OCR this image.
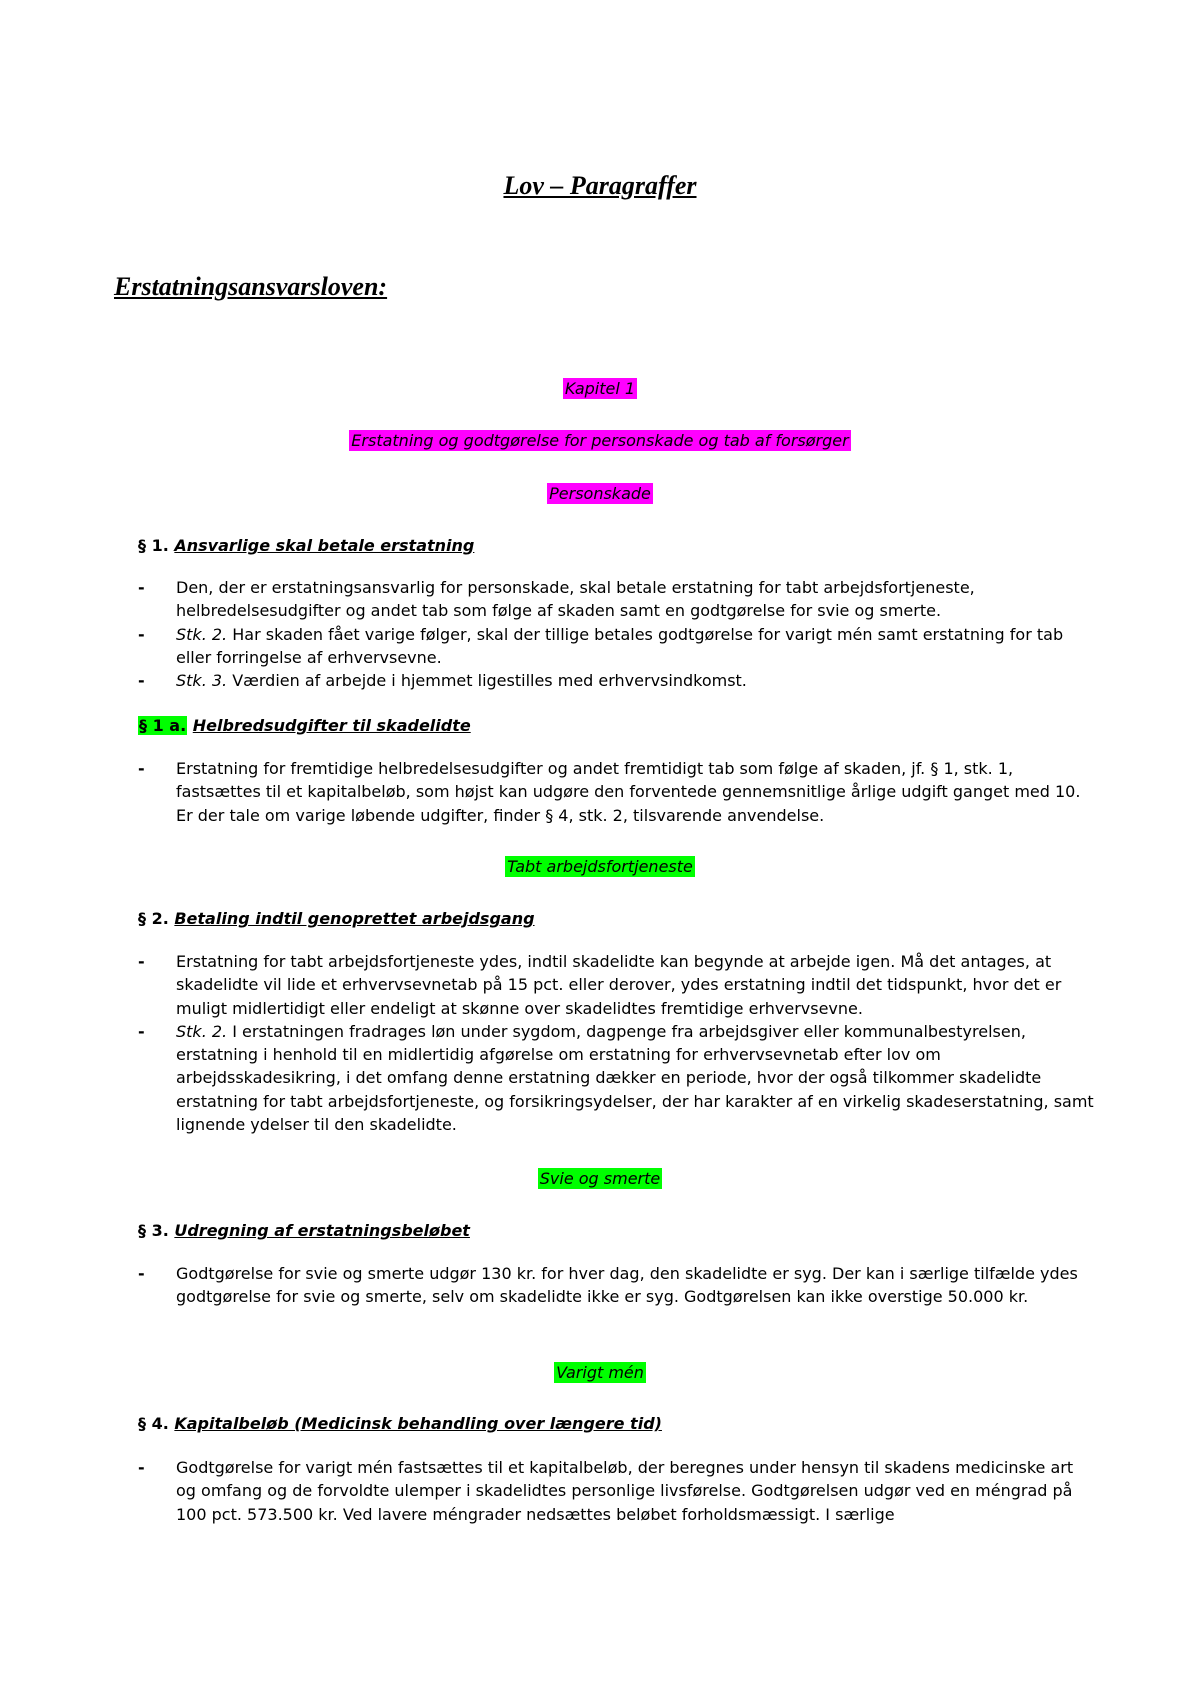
Lov – Paragraffer
Erstatningsansvarsloven:
Kapitel 1
Erstatning og godtgørelse for personskade og tab af forsørger
Personskade
§ 1. Ansvarlige skal betale erstatning
- Den, der er erstatningsansvarlig for personskade, skal betale erstatning for tabt arbejdsfortjeneste, helbredelsesudgifter og andet tab som følge af skaden samt en godtgørelse for svie og smerte.
- Stk. 2. Har skaden fået varige følger, skal der tillige betales godtgørelse for varigt mén samt erstatning for tab eller forringelse af erhvervsevne.
- Stk. 3. Værdien af arbejde i hjemmet ligestilles med erhvervsindkomst.
§ 1 a. Helbredsudgifter til skadelidte
- Erstatning for fremtidige helbredelsesudgifter og andet fremtidigt tab som følge af skaden, jf. § 1, stk. 1, fastsættes til et kapitalbeløb, som højst kan udgøre den forventede gennemsnitlige årlige udgift ganget med 10. Er der tale om varige løbende udgifter, finder § 4, stk. 2, tilsvarende anvendelse.
Tabt arbejdsfortjeneste
§ 2. Betaling indtil genoprettet arbejdsgang
- Erstatning for tabt arbejdsfortjeneste ydes, indtil skadelidte kan begynde at arbejde igen. Må det antages, at skadelidte vil lide et erhvervsevnetab på 15 pct. eller derover, ydes erstatning indtil det tidspunkt, hvor det er muligt midlertidigt eller endeligt at skønne over skadelidtes fremtidige erhvervsevne.
- Stk. 2. I erstatningen fradrages løn under sygdom, dagpenge fra arbejdsgiver eller kommunalbestyrelsen, erstatning i henhold til en midlertidig afgørelse om erstatning for erhvervsevnetab efter lov om arbejdsskadesikring, i det omfang denne erstatning dækker en periode, hvor der også tilkommer skadelidte erstatning for tabt arbejdsfortjeneste, og forsikringsydelser, der har karakter af en virkelig skadeserstatning, samt lignende ydelser til den skadelidte.
Svie og smerte
§ 3. Udregning af erstatningsbeløbet
- Godtgørelse for svie og smerte udgør 130 kr. for hver dag, den skadelidte er syg. Der kan i særlige tilfælde ydes godtgørelse for svie og smerte, selv om skadelidte ikke er syg. Godtgørelsen kan ikke overstige 50.000 kr.
Varigt mén
§ 4. Kapitalbeløb (Medicinsk behandling over længere tid)
- Godtgørelse for varigt mén fastsættes til et kapitalbeløb, der beregnes under hensyn til skadens medicinske art og omfang og de forvoldte ulemper i skadelidtes personlige livsførelse. Godtgørelsen udgør ved en méngrad på 100 pct. 573.500 kr. Ved lavere méngrader nedsættes beløbet forholdsmæssigt. I særlige
